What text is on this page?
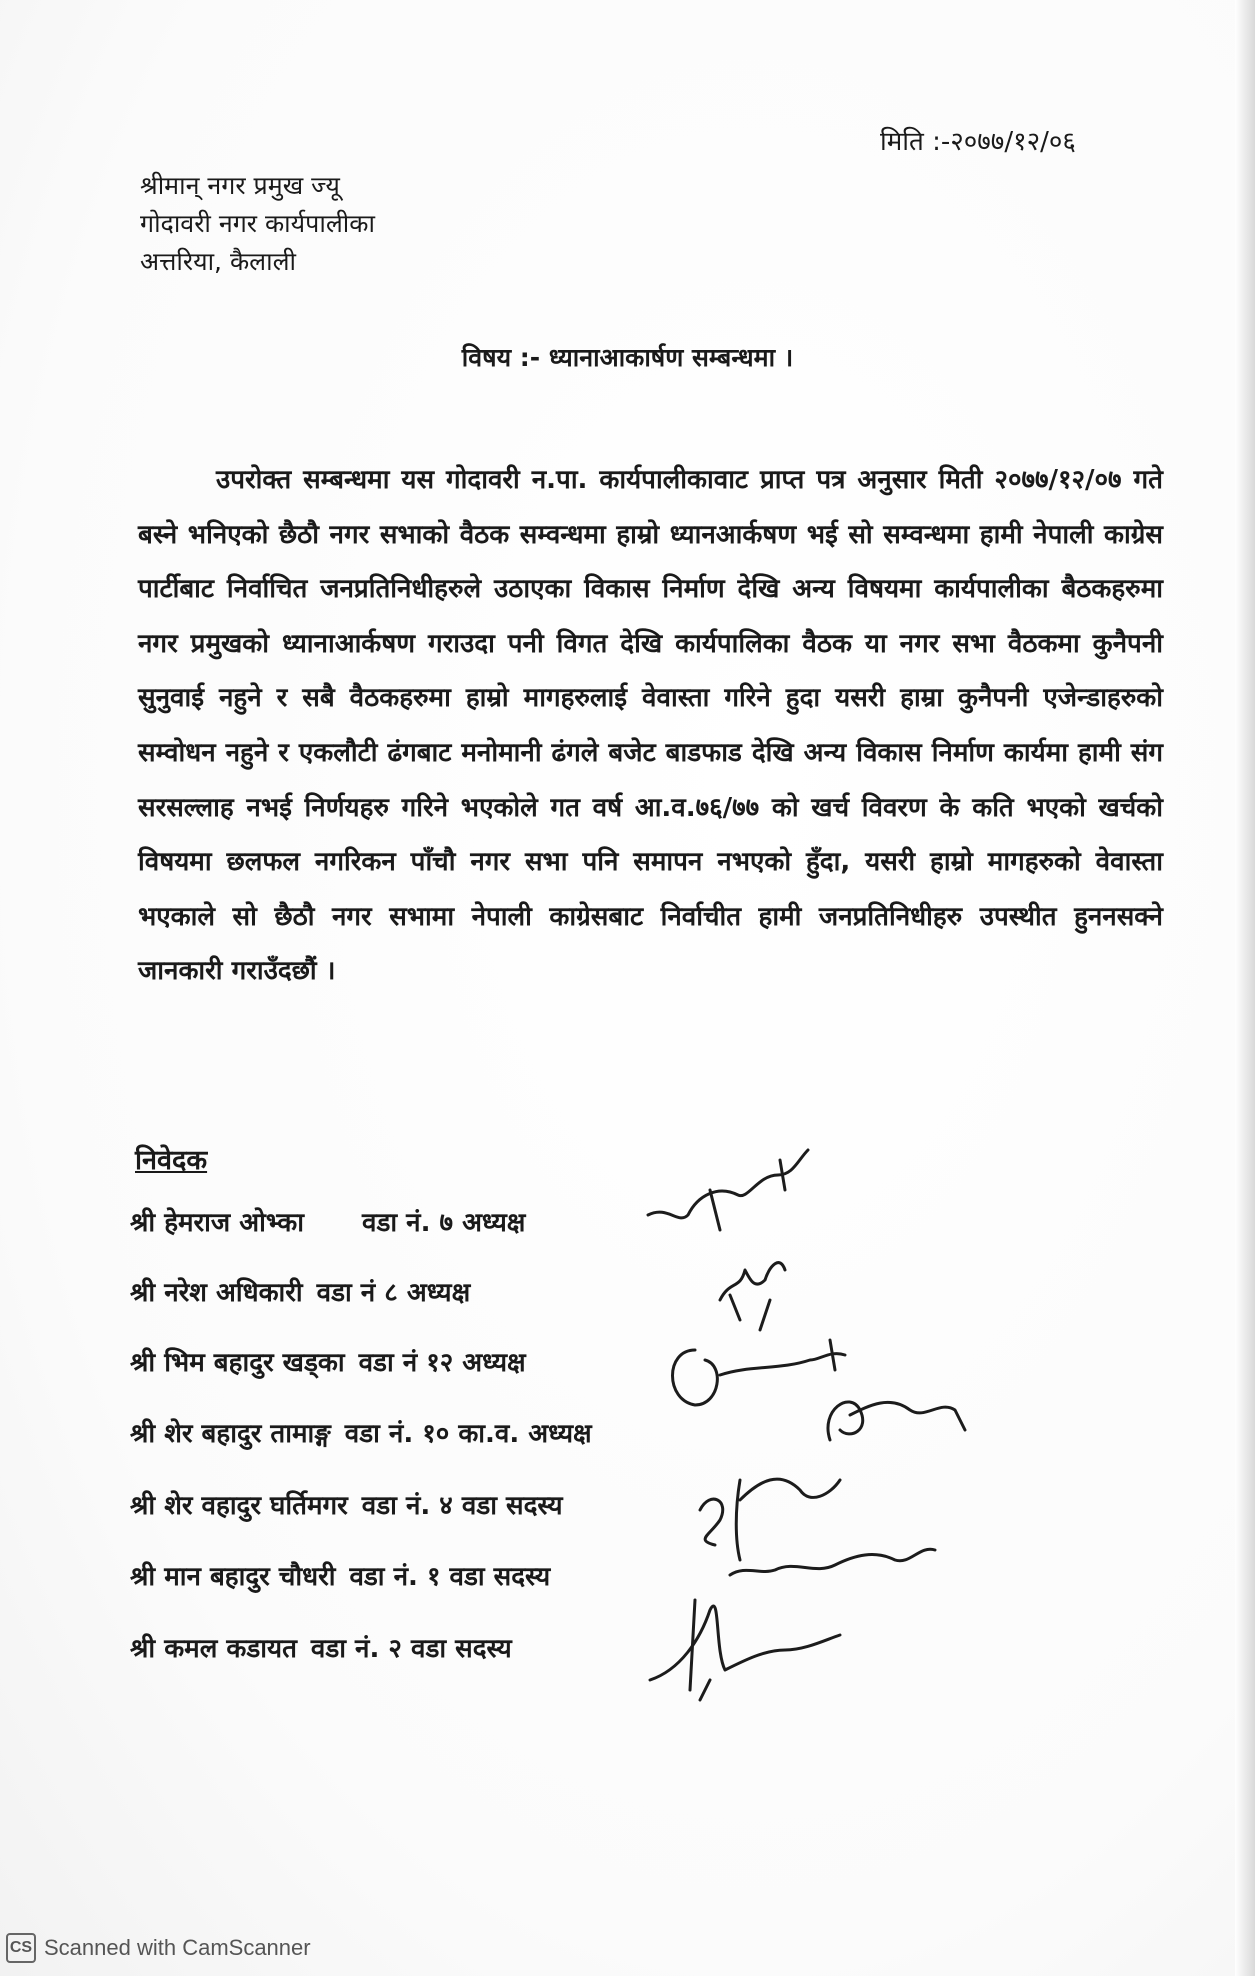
मिति :-२०७७/१२/०६
श्रीमान् नगर प्रमुख ज्यू
गोदावरी नगर कार्यपालीका
अत्तरिया, कैलाली
विषय :- ध्यानाआकार्षण सम्बन्धमा ।
उपरोक्त सम्बन्धमा यस गोदावरी न.पा. कार्यपालीकावाट प्राप्त पत्र अनुसार मिती २०७७/१२/०७ गते बस्ने भनिएको छैठौ नगर सभाको वैठक सम्वन्धमा हाम्रो ध्यानआर्कषण भई सो सम्वन्धमा हामी नेपाली काग्रेस पार्टीबाट निर्वाचित जनप्रतिनिधीहरुले उठाएका विकास निर्माण देखि अन्य विषयमा कार्यपालीका बैठकहरुमा नगर प्रमुखको ध्यानाआर्कषण गराउदा पनी विगत देखि कार्यपालिका वैठक या नगर सभा वैठकमा कुनैपनी सुनुवाई नहुने र सबै वैठकहरुमा हाम्रो मागहरुलाई वेवास्ता गरिने हुदा यसरी हाम्रा कुनैपनी एजेन्डाहरुको सम्वोधन नहुने र एकलौटी ढंगबाट मनोमानी ढंगले बजेट बाडफाड देखि अन्य विकास निर्माण कार्यमा हामी संग सरसल्लाह नभई निर्णयहरु गरिने भएकोले गत वर्ष आ.व.७६/७७ को खर्च विवरण के कति भएको खर्चको विषयमा छलफल नगरिकन पाँचौ नगर सभा पनि समापन नभएको हुँदा, यसरी हाम्रो मागहरुको वेवास्ता भएकाले सो छैठौ नगर सभामा नेपाली काग्रेसबाट निर्वाचीत हामी जनप्रतिनिधीहरु उपस्थीत हुननसक्ने जानकारी गराउँदछौं ।
निवेदक
श्री हेमराज ओभ्का वडा नं. ७ अध्यक्ष
श्री नरेश अधिकारी वडा नं ८ अध्यक्ष
श्री भिम बहादुर खड्का वडा नं १२ अध्यक्ष
श्री शेर बहादुर तामाङ्ग वडा नं. १० का.व. अध्यक्ष
श्री शेर वहादुर घर्तिमगर वडा नं. ४ वडा सदस्य
श्री मान बहादुर चौधरी वडा नं. १ वडा सदस्य
श्री कमल कडायत वडा नं. २ वडा सदस्य
CS Scanned with CamScanner
